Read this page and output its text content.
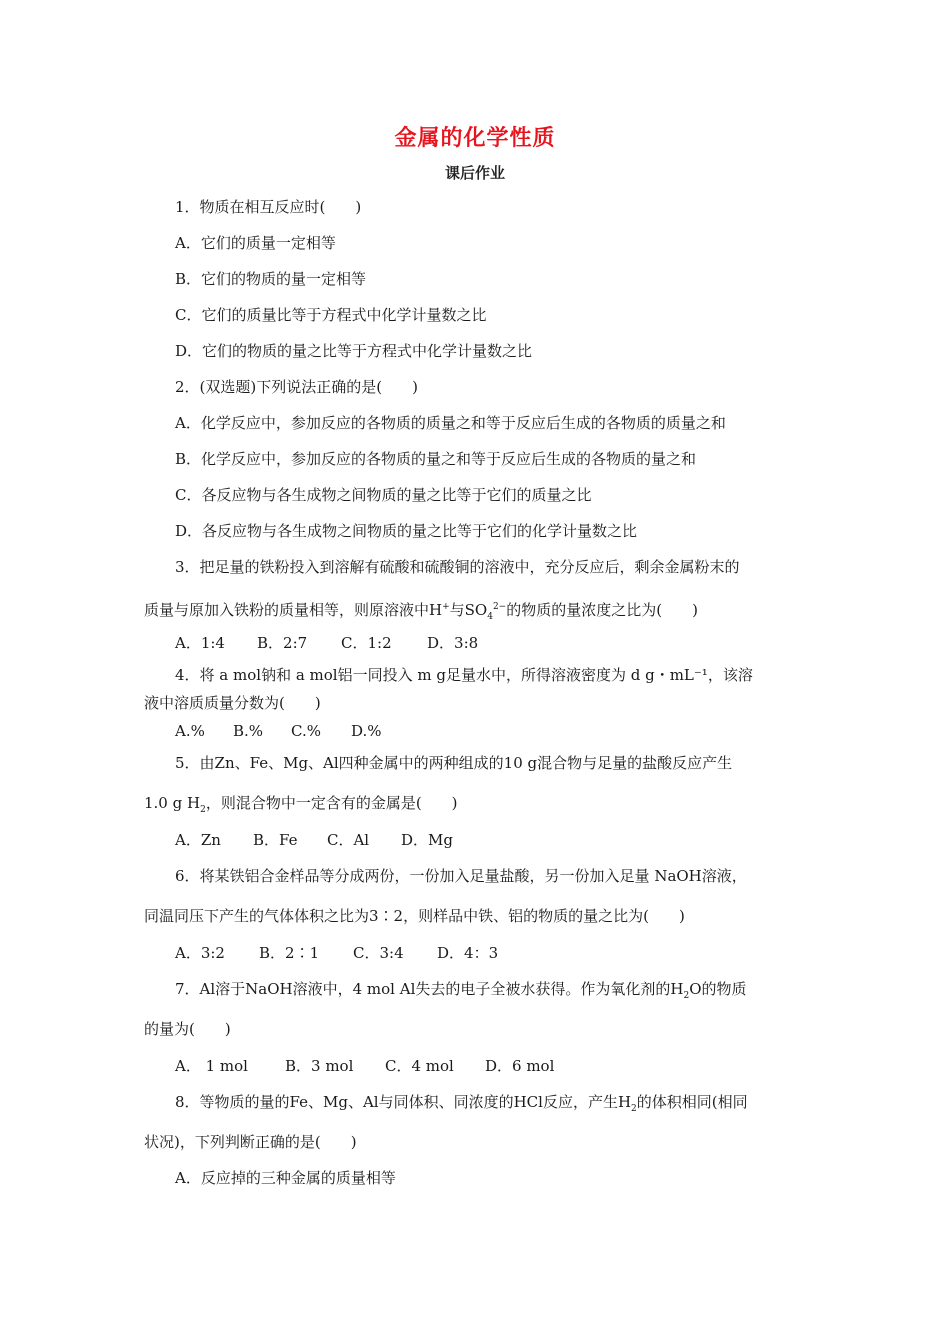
金属的化学性质
课后作业
1．物质在相互反应时(　　)
A．它们的质量一定相等
B．它们的物质的量一定相等
C．它们的质量比等于方程式中化学计量数之比
D．它们的物质的量之比等于方程式中化学计量数之比
2．(双选题)下列说法正确的是(　　)
A．化学反应中，参加反应的各物质的质量之和等于反应后生成的各物质的质量之和
B．化学反应中，参加反应的各物质的量之和等于反应后生成的各物质的量之和
C．各反应物与各生成物之间物质的量之比等于它们的质量之比
D．各反应物与各生成物之间物质的量之比等于它们的化学计量数之比
3．把足量的铁粉投入到溶解有硫酸和硫酸铜的溶液中，充分反应后，剩余金属粉末的
质量与原加入铁粉的质量相等，则原溶液中H+与$SO_4^{2-}$的物质的量浓度之比为(　　)
A．1:4 B．2:7 C．1:2 D．3:8
4．将 a mol钠和 a mol铝一同投入 m g足量水中，所得溶液密度为 d g・mL⁻¹，该溶
液中溶质质量分数为(　　)
A.% B.% C.% D.%
5．由Zn、Fe、Mg、Al四种金属中的两种组成的10 g混合物与足量的盐酸反应产生
1.0 g $H_2$，则混合物中一定含有的金属是(　　)
A．Zn B．Fe C．Al D．Mg
6．将某铁铝合金样品等分成两份，一份加入足量盐酸，另一份加入足量 NaOH溶液，
同温同压下产生的气体体积之比为3∶2，则样品中铁、铝的物质的量之比为(　　)
A．3:2 B．2∶1 C．3:4 D．4：3
7．Al溶于NaOH溶液中，4 mol Al失去的电子全被水获得。作为氧化剂的$H_2O$的物质
的量为(　　)
A． 1 mol B．3 mol C．4 mol D．6 mol
8．等物质的量的Fe、Mg、Al与同体积、同浓度的HCl反应，产生$H_2$的体积相同(相同
状况)，下列判断正确的是(　　)
A．反应掉的三种金属的质量相等
